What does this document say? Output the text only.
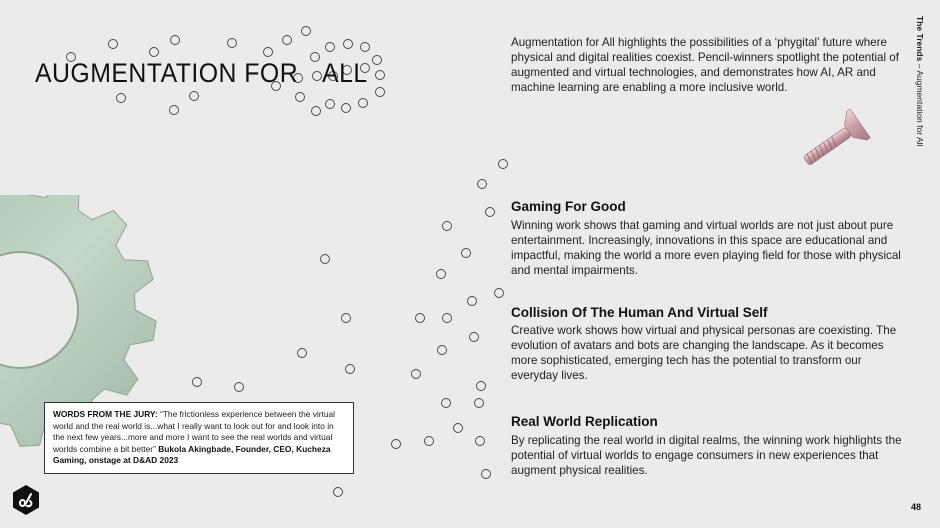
AUGMENTATION FOR ALL

Augmentation for All highlights the possibilities of a ‘phygital’ future where physical and digital realities coexist. Pencil-winners spotlight the potential of augmented and virtual technologies, and demonstrates how AI, AR and machine learning are enabling a more inclusive world.

Gaming For Good

Winning work shows that gaming and virtual worlds are not just about pure entertainment. Increasingly, innovations in this space are educational and impactful, making the world a more even playing field for those with physical and mental impairments.

Collision Of The Human And Virtual Self

Creative work shows how virtual and physical personas are coexisting. The evolution of avatars and bots are changing the landscape. As it becomes more sophisticated, emerging tech has the potential to transform our everyday lives.

Real World Replication

By replicating the real world in digital realms, the winning work highlights the potential of virtual worlds to engage consumers in new experiences that augment physical realities.

The Trends – Augmentation for All
WORDS FROM THE JURY: “The frictionless experience between the virtual world and the real world is...what I really want to look out for and look into in the next few years...more and more I want to see the real worlds and virtual worlds combine a bit better” Bukola Akingbade, Founder, CEO, Kucheza Gaming, onstage at D&AD 2023
48
